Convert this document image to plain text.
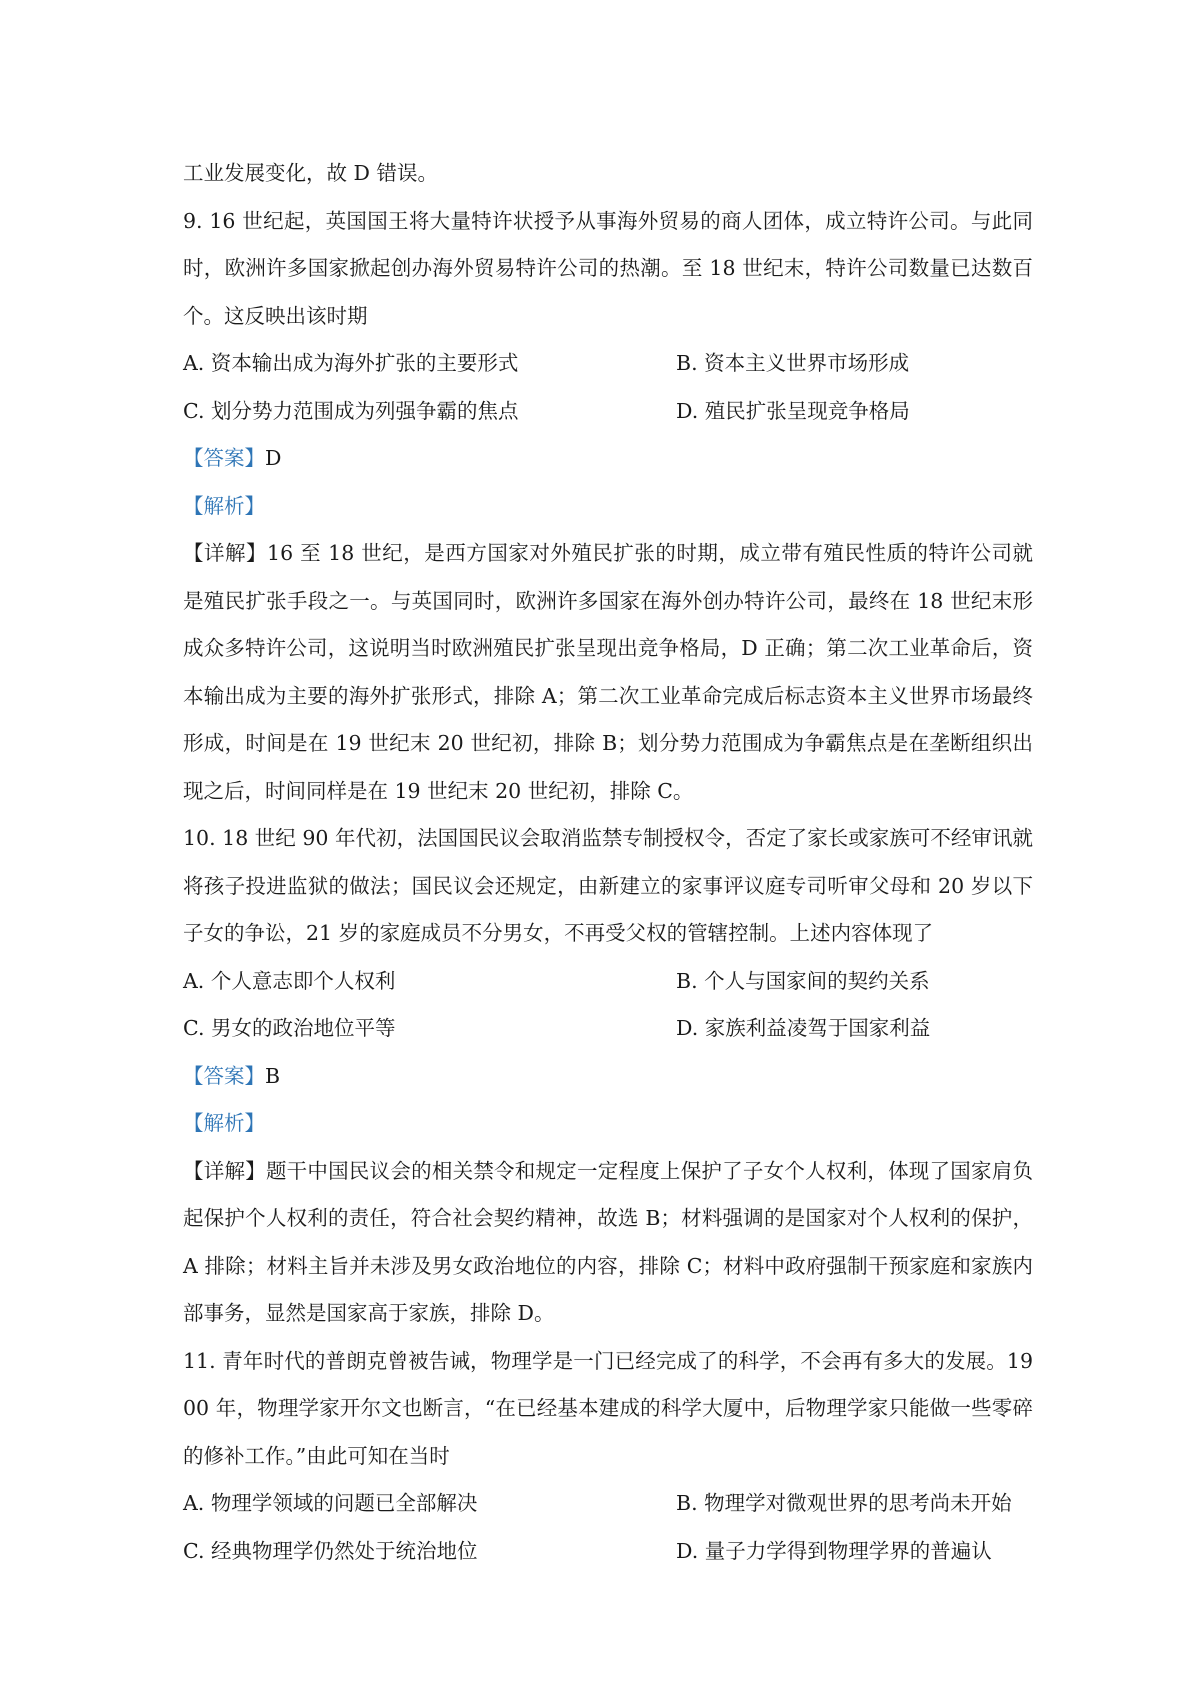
工业发展变化，故 D 错误。

9. 16 世纪起，英国国王将大量特许状授予从事海外贸易的商人团体，成立特许公司。与此同时，欧洲许多国家掀起创办海外贸易特许公司的热潮。至 18 世纪末，特许公司数量已达数百个。这反映出该时期

A. 资本输出成为海外扩张的主要形式	B. 资本主义世界市场形成
C. 划分势力范围成为列强争霸的焦点	D. 殖民扩张呈现竞争格局
【答案】D
【解析】

【详解】16 至 18 世纪，是西方国家对外殖民扩张的时期，成立带有殖民性质的特许公司就是殖民扩张手段之一。与英国同时，欧洲许多国家在海外创办特许公司，最终在 18 世纪末形成众多特许公司，这说明当时欧洲殖民扩张呈现出竞争格局，D 正确；第二次工业革命后，资本输出成为主要的海外扩张形式，排除 A；第二次工业革命完成后标志资本主义世界市场最终形成，时间是在 19 世纪末 20 世纪初，排除 B；划分势力范围成为争霸焦点是在垄断组织出现之后，时间同样是在 19 世纪末 20 世纪初，排除 C。

10. 18 世纪 90 年代初，法国国民议会取消监禁专制授权令，否定了家长或家族可不经审讯就将孩子投进监狱的做法；国民议会还规定，由新建立的家事评议庭专司听审父母和 20 岁以下子女的争讼，21 岁的家庭成员不分男女，不再受父权的管辖控制。上述内容体现了

A. 个人意志即个人权利	B. 个人与国家间的契约关系
C. 男女的政治地位平等	D. 家族利益凌驾于国家利益
【答案】B
【解析】

【详解】题干中国民议会的相关禁令和规定一定程度上保护了子女个人权利，体现了国家肩负起保护个人权利的责任，符合社会契约精神，故选 B；材料强调的是国家对个人权利的保护，A 排除；材料主旨并未涉及男女政治地位的内容，排除 C；材料中政府强制干预家庭和家族内部事务，显然是国家高于家族，排除 D。

11. 青年时代的普朗克曾被告诫，物理学是一门已经完成了的科学，不会再有多大的发展。1900 年，物理学家开尔文也断言，“在已经基本建成的科学大厦中，后物理学家只能做一些零碎的修补工作。”由此可知在当时

A. 物理学领域的问题已全部解决	B. 物理学对微观世界的思考尚未开始
C. 经典物理学仍然处于统治地位	D. 量子力学得到物理学界的普遍认
